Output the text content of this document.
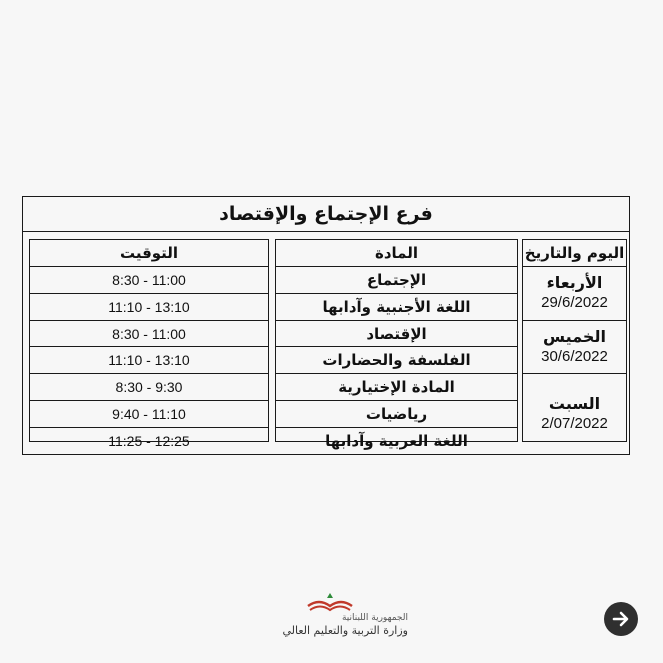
فرع الإجتماع والإقتصاد
التوقيت
8:30 - 11:00
11:10 - 13:10
8:30 - 11:00
11:10 - 13:10
8:30 - 9:30
9:40 - 11:10
11:25 - 12:25
المادة
الإجتماع
اللغة الأجنبية وآدابها
الإقتصاد
الفلسفة والحضارات
المادة الإختيارية
رياضيات
اللغة العربية وآدابها
اليوم والتاريخ
الأربعاء
29/6/2022
الخميس
30/6/2022
السبت
2/07/2022
الجمهورية اللبنانية
وزارة التربية والتعليم العالي
